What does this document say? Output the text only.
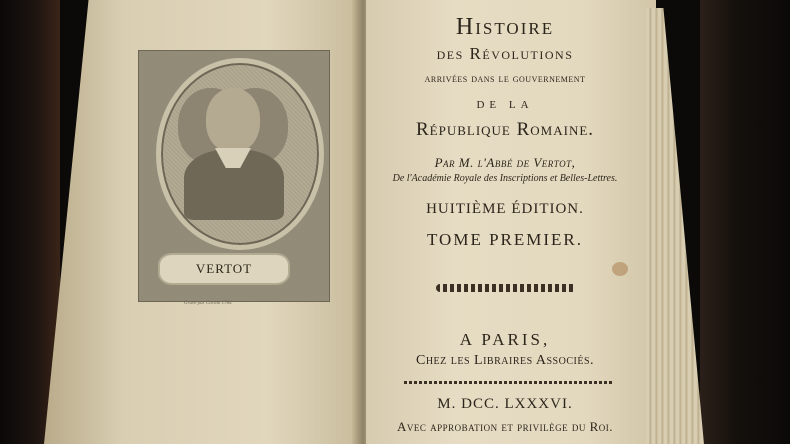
VERTOT
Gravé par Cochin 1784
Histoire
des Révolutions
arrivées dans le gouvernement
DE LA
République Romaine.
Par M. l'Abbé de Vertot,
De l'Académie Royale des Inscriptions et Belles-Lettres.
HUITIÈME ÉDITION.
TOME PREMIER.
A PARIS,
Chez les Libraires Associés.
M. DCC. LXXXVI.
Avec approbation et privilège du Roi.
